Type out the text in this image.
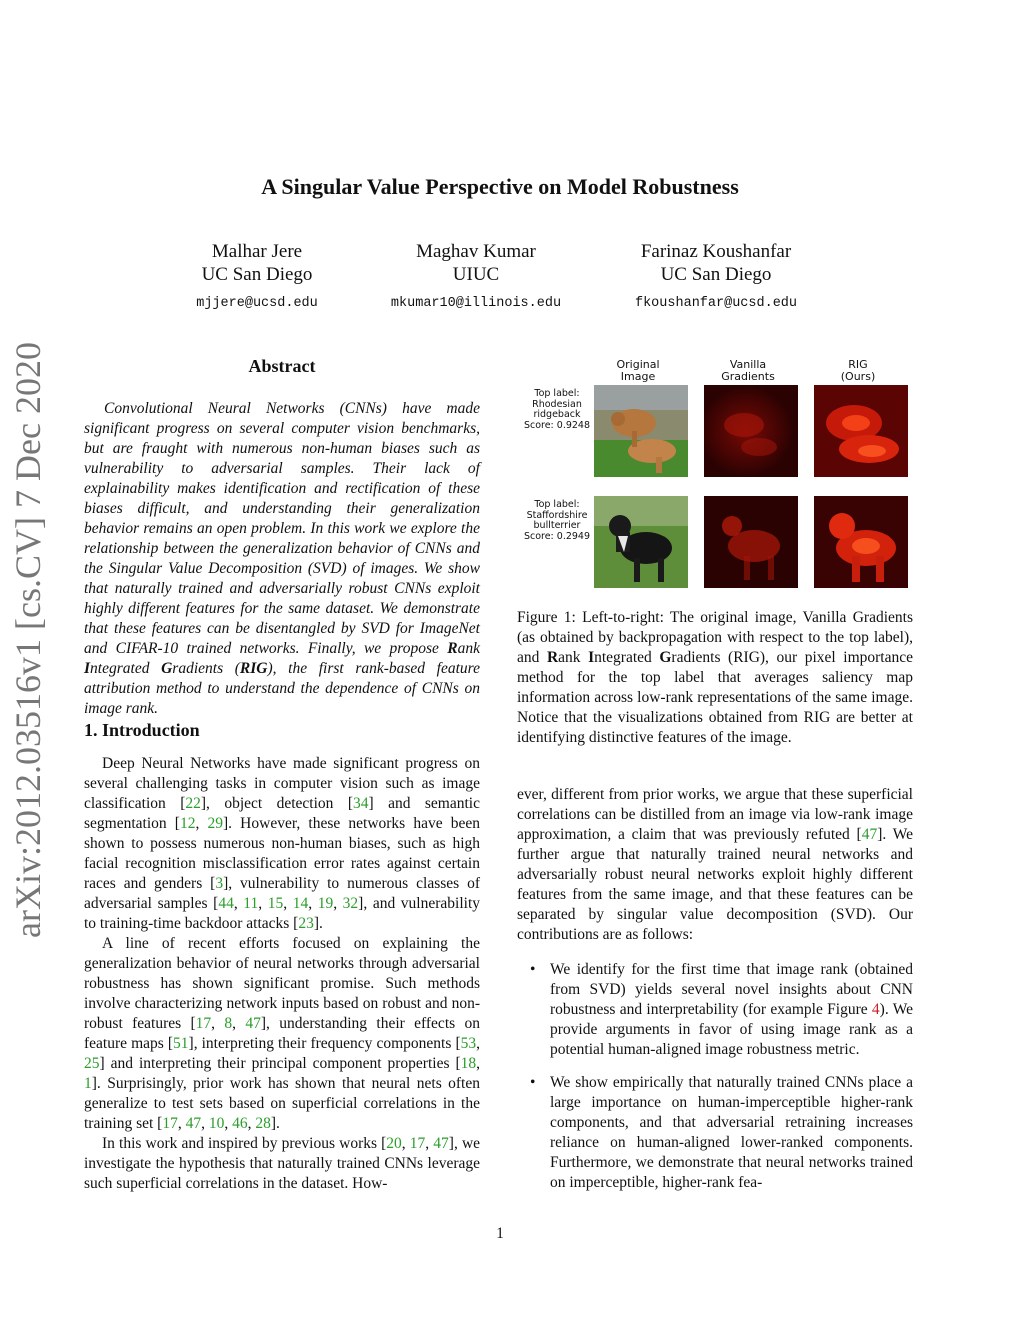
A Singular Value Perspective on Model Robustness
Malhar Jere
UC San Diego
mjjere@ucsd.edu
Maghav Kumar
UIUC
mkumar10@illinois.edu
Farinaz Koushanfar
UC San Diego
fkoushanfar@ucsd.edu
arXiv:2012.03516v1 [cs.CV] 7 Dec 2020	Abstract

Convolutional Neural Networks (CNNs) have made significant progress on several computer vision benchmarks, but are fraught with numerous non-human biases such as vulnerability to adversarial samples. Their lack of explainability makes identification and rectification of these biases difficult, and understanding their generalization behavior remains an open problem. In this work we explore the relationship between the generalization behavior of CNNs and the Singular Value Decomposition (SVD) of images. We show that naturally trained and adversarially robust CNNs exploit highly different features for the same dataset. We demonstrate that these features can be disentangled by SVD for ImageNet and CIFAR-10 trained networks. Finally, we propose Rank Integrated Gradients (RIG), the first rank-based feature attribution method to understand the dependence of CNNs on image rank.

1. Introduction

Deep Neural Networks have made significant progress on several challenging tasks in computer vision such as image classification [22], object detection [34] and semantic segmentation [12, 29]. However, these networks have been shown to possess numerous non-human biases, such as high facial recognition misclassification error rates against certain races and genders [3], vulnerability to numerous classes of adversarial samples [44, 11, 15, 14, 19, 32], and vulnerability to training-time backdoor attacks [23].

A line of recent efforts focused on explaining the generalization behavior of neural networks through adversarial robustness has shown significant promise. Such methods involve characterizing network inputs based on robust and non-robust features [17, 8, 47], understanding their effects on feature maps [51], interpreting their frequency components [53, 25] and interpreting their principal component properties [18, 1]. Surprisingly, prior work has shown that neural nets often generalize to test sets based on superficial correlations in the training set [17, 47, 10, 46, 28].

In this work and inspired by previous works [20, 17, 47], we investigate the hypothesis that naturally trained CNNs leverage such superficial correlations in the dataset. How-

Original
Image
Vanilla
Gradients
RIG
(Ours)
Top label:
Rhodesian
ridgeback
Score: 0.9248
Top label:
Staffordshire
bullterrier
Score: 0.2949

Figure 1: Left-to-right: The original image, Vanilla Gradients (as obtained by backpropagation with respect to the top label), and Rank Integrated Gradients (RIG), our pixel importance method for the top label that averages saliency map information across low-rank representations of the same image. Notice that the visualizations obtained from RIG are better at identifying distinctive features of the image.

ever, different from prior works, we argue that these superficial correlations can be distilled from an image via low-rank image approximation, a claim that was previously refuted [47]. We further argue that naturally trained neural networks and adversarially robust neural networks exploit highly different features from the same image, and that these features can be separated by singular value decomposition (SVD). Our contributions are as follows:

• We identify for the first time that image rank (obtained from SVD) yields several novel insights about CNN robustness and interpretability (for example Figure 4). We provide arguments in favor of using image rank as a potential human-aligned image robustness metric.
• We show empirically that naturally trained CNNs place a large importance on human-imperceptible higher-rank components, and that adversarial retraining increases reliance on human-aligned lower-ranked components. Furthermore, we demonstrate that neural networks trained on imperceptible, higher-rank fea-
1
